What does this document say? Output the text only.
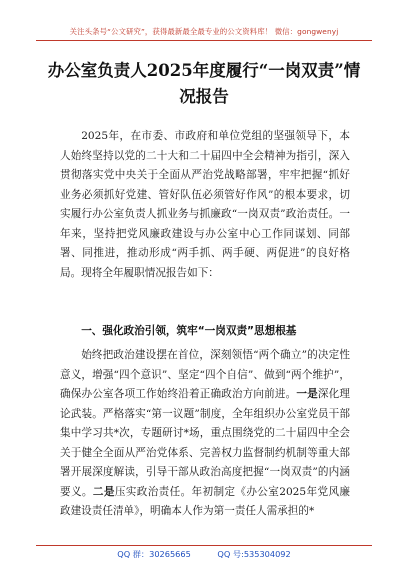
关注头条号“公文研究”，获得最新最全最专业的公文资料库！ 微信：gongwenyj
办公室负责人2025年度履行“一岗双责”情况报告

2025年，在市委、市政府和单位党组的坚强领导下，本人始终坚持以党的二十大和二十届四中全会精神为指引，深入贯彻落实党中央关于全面从严治党战略部署，牢牢把握“抓好业务必须抓好党建、管好队伍必须管好作风”的根本要求，切实履行办公室负责人抓业务与抓廉政“一岗双责”政治责任。一年来，坚持把党风廉政建设与办公室中心工作同谋划、同部署、同推进，推动形成“两手抓、两手硬、两促进”的良好格局。现将全年履职情况报告如下：

一、强化政治引领，筑牢“一岗双责”思想根基

始终把政治建设摆在首位，深刻领悟“两个确立”的决定性意义，增强“四个意识”、坚定“四个自信”、做到“两个维护”，确保办公室各项工作始终沿着正确政治方向前进。一是深化理论武装。严格落实“第一议题”制度，全年组织办公室党员干部集中学习共*次，专题研讨*场，重点围绕党的二十届四中全会关于健全全面从严治党体系、完善权力监督制约机制等重大部署开展深度解读，引导干部从政治高度把握“一岗双责”的内涵要义。二是压实政治责任。年初制定《办公室2025年党风廉政建设责任清单》，明确本人作为第一责任人需承担的*

QQ 群：30265665	QQ 号:535304092
